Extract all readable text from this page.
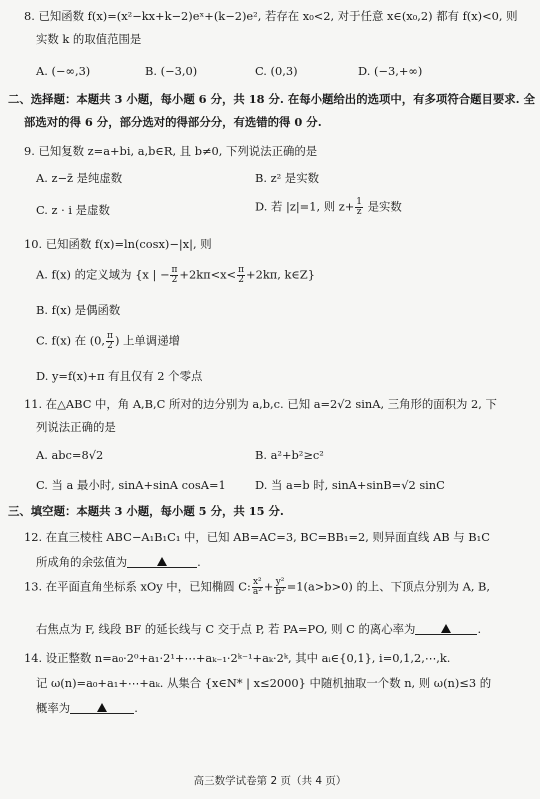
8. 已知函数 f(x)=(x²−kx+k−2)eˣ+(k−2)e², 若存在 x₀<2, 对于任意 x∈(x₀,2) 都有 f(x)<0, 则
实数 k 的取值范围是
A. (−∞,3)	B. (−3,0)	C. (0,3)	D. (−3,+∞)
二、选择题：本题共 3 小题，每小题 6 分，共 18 分. 在每小题给出的选项中，有多项符合题目要求. 全
部选对的得 6 分，部分选对的得部分分，有选错的得 0 分.
9. 已知复数 z=a+bi, a,b∈R, 且 b≠0, 下列说法正确的是
A. z−z̄ 是纯虚数	B. z² 是实数
C. z · i 是虚数	D. 若 |z|=1, 则 $z+ \frac{1}{z}$ 是实数
10. 已知函数 f(x)=ln(cosx)−|x|, 则
A. f(x) 的定义域为 {x | − $\frac{\pi}{2} +2k\pi<x< \frac{\pi}{2} +2k\pi$, k∈Z}
B. f(x) 是偶函数
C. f(x) 在 (0, $\frac{\pi}{2}$ ) 上单调递增
D. y=f(x)+π 有且仅有 2 个零点
11. 在△ABC 中，角 A,B,C 所对的边分别为 a,b,c. 已知 a=2√2 sinA, 三角形的面积为 2, 下
列说法正确的是
A. abc=8√2	B. a²+b²≥c²
C. 当 a 最小时, sinA+sinA cosA=1	D. 当 a=b 时, sinA+sinB=√2 sinC
三、填空题：本题共 3 小题，每小题 5 分，共 15 分.
12. 在直三棱柱 ABC−A₁B₁C₁ 中，已知 AB=AC=3, BC=BB₁=2, 则异面直线 AB 与 B₁C
所成角的余弦值为	.
13. 在平面直角坐标系 xOy 中，已知椭圆 C: $\frac{\text{x²}}{\text{a²}} + \frac{\text{y²}}{\text{b²}} =1(a>b>0)$ 的上、下顶点分别为 A, B,
右焦点为 F, 线段 BF 的延长线与 C 交于点 P, 若 PA=PO, 则 C 的离心率为	.
14. 设正整数 n=a₀·2⁰+a₁·2¹+⋯+aₖ₋₁·2ᵏ⁻¹+aₖ·2ᵏ, 其中 aᵢ∈{0,1}, i=0,1,2,⋯,k.
记 ω(n)=a₀+a₁+⋯+aₖ. 从集合 {x∈N* | x≤2000} 中随机抽取一个数 n, 则 ω(n)≤3 的
概率为	.
高三数学试卷第 2 页（共 4 页）
